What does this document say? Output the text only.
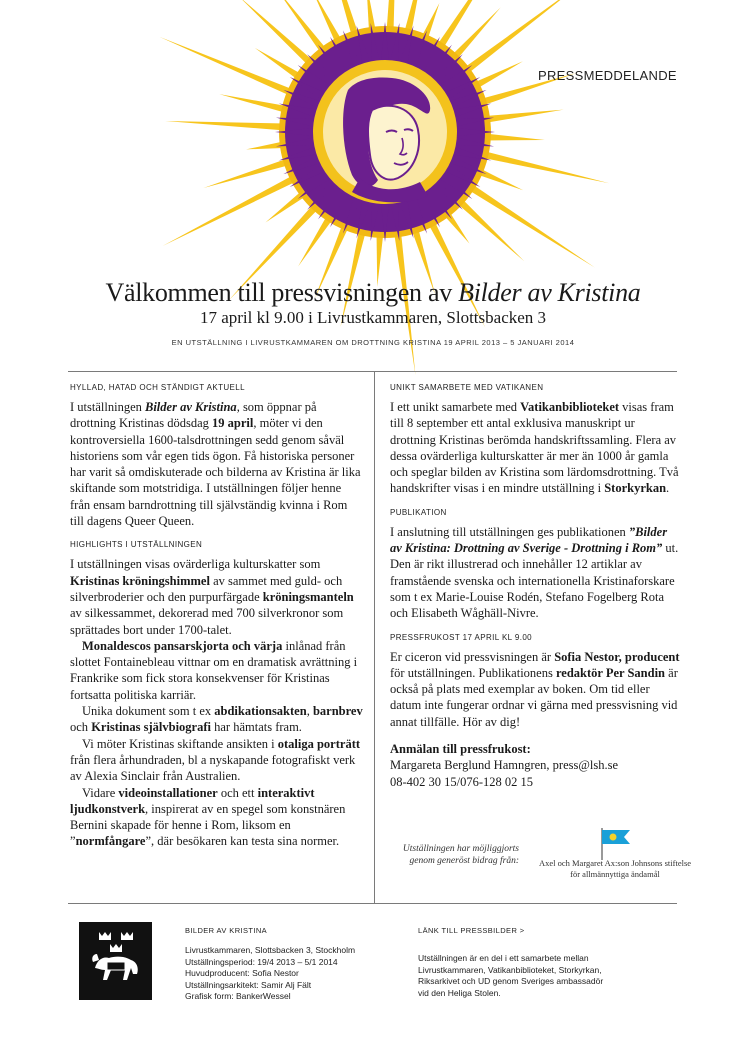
PRESSMEDDELANDE
Välkommen till pressvisningen av Bilder av Kristina
17 april kl 9.00 i Livrustkammaren, Slottsbacken 3
EN UTSTÄLLNING I LIVRUSTKAMMAREN OM DROTTNING KRISTINA 19 APRIL 2013 – 5 JANUARI 2014
HYLLAD, HATAD OCH STÄNDIGT AKTUELL

I utställningen Bilder av Kristina, som öppnar på drottning Kristinas dödsdag 19 april, möter vi den kontroversiella 1600-talsdrottningen sedd genom såväl historiens som vår egen tids ögon. Få historiska personer har varit så omdiskuterade och bilderna av Kristina är lika skiftande som motstridiga. I utställningen följer henne från ensam barndrottning till självständig kvinna i Rom till dagens Queer Queen.

HIGHLIGHTS I UTSTÄLLNINGEN

I utställningen visas ovärderliga kulturskatter som Kristinas kröningshimmel av sammet med guld- och silverbroderier och den purpurfärgade kröningsmanteln av silkessammet, dekorerad med 700 silverkronor som sprättades bort under 1700-talet.

Monaldescos pansarskjorta och värja inlånad från slottet Fontainebleau vittnar om en dramatisk avrättning i Frankrike som fick stora konsekvenser för Kristinas fortsatta politiska karriär.

Unika dokument som t ex abdikationsakten, barnbrev och Kristinas självbiografi har hämtats fram.

Vi möter Kristinas skiftande ansikten i otaliga porträtt från flera århundraden, bl a nyskapande fotografiskt verk av Alexia Sinclair från Australien.

Vidare videoinstallationer och ett interaktivt ljudkonstverk, inspirerat av en spegel som konstnären Bernini skapade för henne i Rom, liksom en ”normfångare”, där besökaren kan testa sina normer.

UNIKT SAMARBETE MED VATIKANEN

I ett unikt samarbete med Vatikanbiblioteket visas fram till 8 september ett antal exklusiva manuskript ur drottning Kristinas berömda handskriftssamling. Flera av dessa ovärderliga kulturskatter är mer än 1000 år gamla och speglar bilden av Kristina som lärdomsdrottning. Två handskrifter visas i en mindre utställning i Storkyrkan.

PUBLIKATION

I anslutning till utställningen ges publikationen ”Bilder av Kristina: Drottning av Sverige - Drottning i Rom” ut. Den är rikt illustrerad och innehåller 12 artiklar av framstående svenska och internationella Kristinaforskare som t ex Marie-Louise Rodén, Stefano Fogelberg Rota och Elisabeth Wåghäll-Nivre.

PRESSFRUKOST 17 APRIL KL 9.00

Er ciceron vid pressvisningen är Sofia Nestor, producent för utställningen. Publikationens redaktör Per Sandin är också på plats med exemplar av boken. Om tid eller datum inte fungerar ordnar vi gärna med pressvisning vid annat tillfälle. Hör av dig!

Anmälan till pressfrukost:

Margareta Berglund Hamngren, press@lsh.se

08-402 30 15/076-128 02 15

Utställningen har möjliggjorts genom generöst bidrag från:	Axel och Margaret Ax:son Johnsons stiftelse
för allmännyttiga ändamål
BILDER AV KRISTINA
Livrustkammaren, Slottsbacken 3, Stockholm
Utställningsperiod: 19/4 2013 – 5/1 2014
Huvudproducent: Sofia Nestor
Utställningsarkitekt: Samir Alj Fält
Grafisk form: BankerWessel
LÄNK TILL PRESSBILDER >
Utställningen är en del i ett samarbete mellan
Livrustkammaren, Vatikanbiblioteket, Storkyrkan,
Riksarkivet och UD genom Sveriges ambassadör
vid den Heliga Stolen.
